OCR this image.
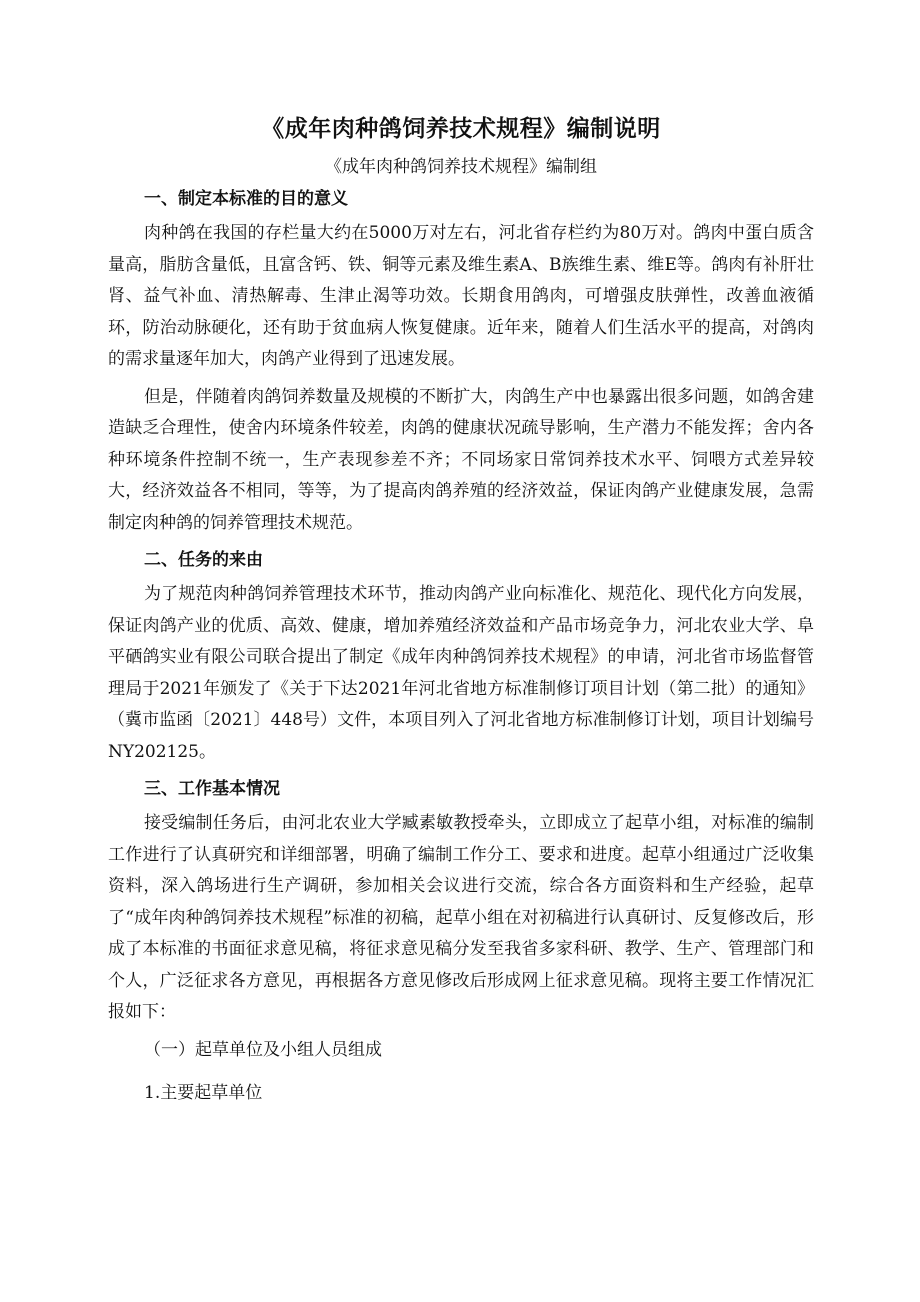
《成年肉种鸽饲养技术规程》编制说明

《成年肉种鸽饲养技术规程》编制组

一、制定本标准的目的意义

肉种鸽在我国的存栏量大约在5000万对左右，河北省存栏约为80万对。鸽肉中蛋白质含量高，脂肪含量低，且富含钙、铁、铜等元素及维生素A、B族维生素、维E等。鸽肉有补肝壮肾、益气补血、清热解毒、生津止渴等功效。长期食用鸽肉，可增强皮肤弹性，改善血液循环，防治动脉硬化，还有助于贫血病人恢复健康。近年来，随着人们生活水平的提高，对鸽肉的需求量逐年加大，肉鸽产业得到了迅速发展。

但是，伴随着肉鸽饲养数量及规模的不断扩大，肉鸽生产中也暴露出很多问题，如鸽舍建造缺乏合理性，使舍内环境条件较差，肉鸽的健康状况疏导影响，生产潜力不能发挥；舍内各种环境条件控制不统一，生产表现参差不齐；不同场家日常饲养技术水平、饲喂方式差异较大，经济效益各不相同，等等，为了提高肉鸽养殖的经济效益，保证肉鸽产业健康发展，急需制定肉种鸽的饲养管理技术规范。

二、任务的来由

为了规范肉种鸽饲养管理技术环节，推动肉鸽产业向标准化、规范化、现代化方向发展，保证肉鸽产业的优质、高效、健康，增加养殖经济效益和产品市场竞争力，河北农业大学、阜平硒鸽实业有限公司联合提出了制定《成年肉种鸽饲养技术规程》的申请，河北省市场监督管理局于2021年颁发了《关于下达2021年河北省地方标准制修订项目计划（第二批）的通知》（冀市监函〔2021〕448号）文件，本项目列入了河北省地方标准制修订计划，项目计划编号NY202125。

三、工作基本情况

接受编制任务后，由河北农业大学臧素敏教授牵头，立即成立了起草小组，对标准的编制工作进行了认真研究和详细部署，明确了编制工作分工、要求和进度。起草小组通过广泛收集资料，深入鸽场进行生产调研，参加相关会议进行交流，综合各方面资料和生产经验，起草了“成年肉种鸽饲养技术规程”标准的初稿，起草小组在对初稿进行认真研讨、反复修改后，形成了本标准的书面征求意见稿，将征求意见稿分发至我省多家科研、教学、生产、管理部门和个人，广泛征求各方意见，再根据各方意见修改后形成网上征求意见稿。现将主要工作情况汇报如下：

（一）起草单位及小组人员组成

1.主要起草单位
